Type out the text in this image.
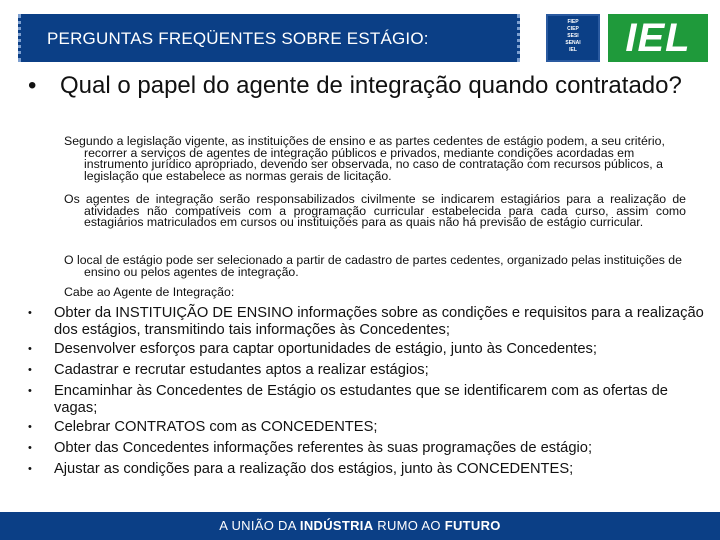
PERGUNTAS FREQÜENTES SOBRE ESTÁGIO:
FIEP
CIEP
SESI
SENAI
IEL	IEL
• Qual o papel do agente de integração quando contratado?
Segundo a legislação vigente, as instituições de ensino e as partes cedentes de estágio podem, a seu critério, recorrer a serviços de agentes de integração públicos e privados, mediante condições acordadas em instrumento jurídico apropriado, devendo ser observada, no caso de contratação com recursos públicos, a legislação que estabelece as normas gerais de licitação.
Os agentes de integração serão responsabilizados civilmente se indicarem estagiários para a realização de atividades não compatíveis com a programação curricular estabelecida para cada curso, assim como estagiários matriculados em cursos ou instituições para as quais não há previsão de estágio curricular.
O local de estágio pode ser selecionado a partir de cadastro de partes cedentes, organizado pelas instituições de ensino ou pelos agentes de integração.
Cabe ao Agente de Integração:
• Obter da INSTITUIÇÃO DE ENSINO informações sobre as condições e requisitos para a realização dos estágios, transmitindo tais informações às Concedentes;
• Desenvolver esforços para captar oportunidades de estágio, junto às Concedentes;
• Cadastrar e recrutar estudantes aptos a realizar estágios;
• Encaminhar às Concedentes de Estágio os estudantes que se identificarem com as ofertas de vagas;
• Celebrar CONTRATOS com as CONCEDENTES;
• Obter das Concedentes informações referentes às suas programações de estágio;
• Ajustar as condições para a realização dos estágios, junto às CONCEDENTES;
A UNIÃO DA INDÚSTRIA RUMO AO FUTURO
